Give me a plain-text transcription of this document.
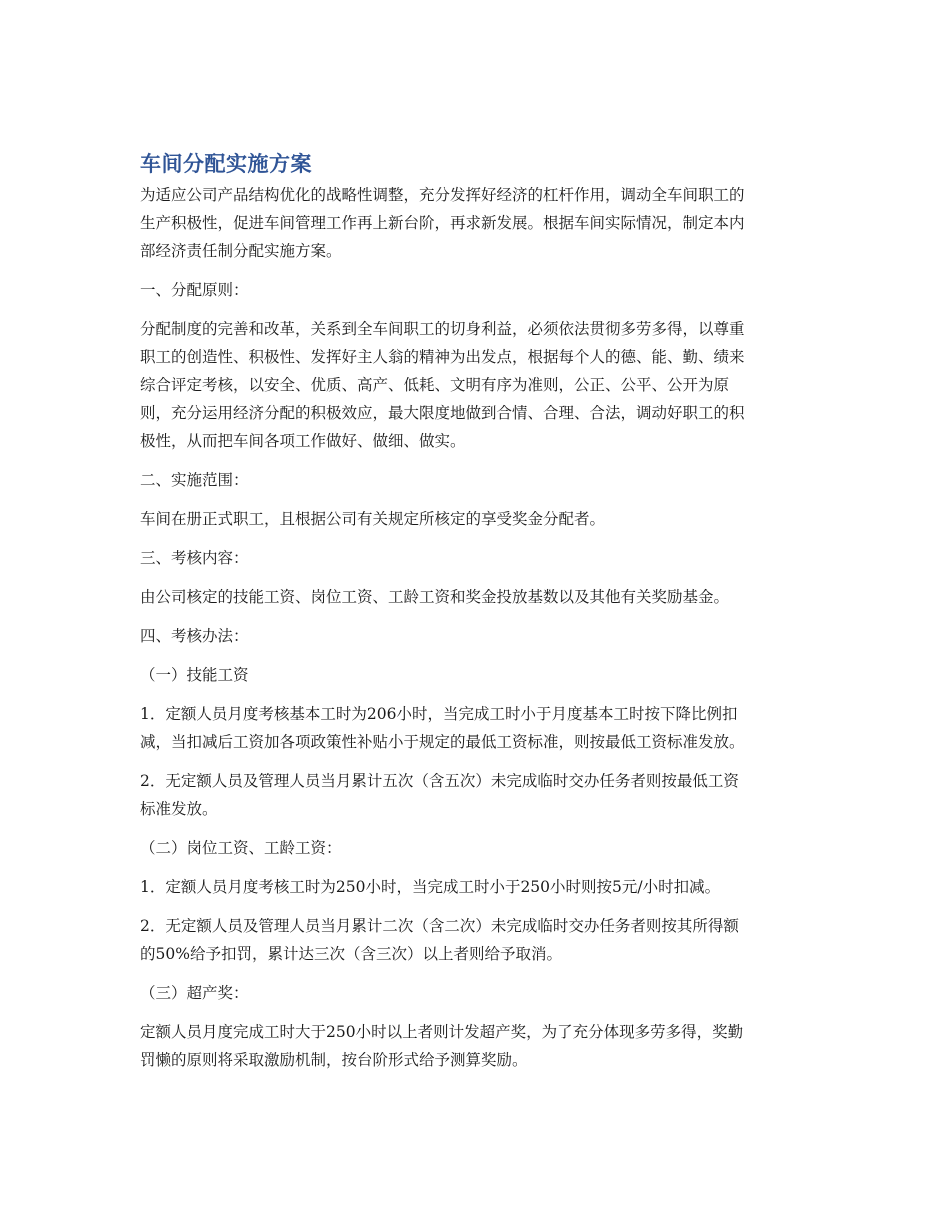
车间分配实施方案

为适应公司产品结构优化的战略性调整，充分发挥好经济的杠杆作用，调动全车间职工的
生产积极性，促进车间管理工作再上新台阶，再求新发展。根据车间实际情况，制定本内
部经济责任制分配实施方案。

一、分配原则：

分配制度的完善和改革，关系到全车间职工的切身利益，必须依法贯彻多劳多得，以尊重
职工的创造性、积极性、发挥好主人翁的精神为出发点，根据每个人的德、能、勤、绩来
综合评定考核，以安全、优质、高产、低耗、文明有序为准则，公正、公平、公开为原
则，充分运用经济分配的积极效应，最大限度地做到合情、合理、合法，调动好职工的积
极性，从而把车间各项工作做好、做细、做实。

二、实施范围：

车间在册正式职工，且根据公司有关规定所核定的享受奖金分配者。

三、考核内容：

由公司核定的技能工资、岗位工资、工龄工资和奖金投放基数以及其他有关奖励基金。

四、考核办法：

（一）技能工资

1．定额人员月度考核基本工时为206小时，当完成工时小于月度基本工时按下降比例扣
减，当扣减后工资加各项政策性补贴小于规定的最低工资标准，则按最低工资标准发放。

2．无定额人员及管理人员当月累计五次（含五次）未完成临时交办任务者则按最低工资
标准发放。

（二）岗位工资、工龄工资：

1．定额人员月度考核工时为250小时，当完成工时小于250小时则按5元/小时扣减。

2．无定额人员及管理人员当月累计二次（含二次）未完成临时交办任务者则按其所得额
的50%给予扣罚，累计达三次（含三次）以上者则给予取消。

（三）超产奖：

定额人员月度完成工时大于250小时以上者则计发超产奖，为了充分体现多劳多得，奖勤
罚懒的原则将采取激励机制，按台阶形式给予测算奖励。
